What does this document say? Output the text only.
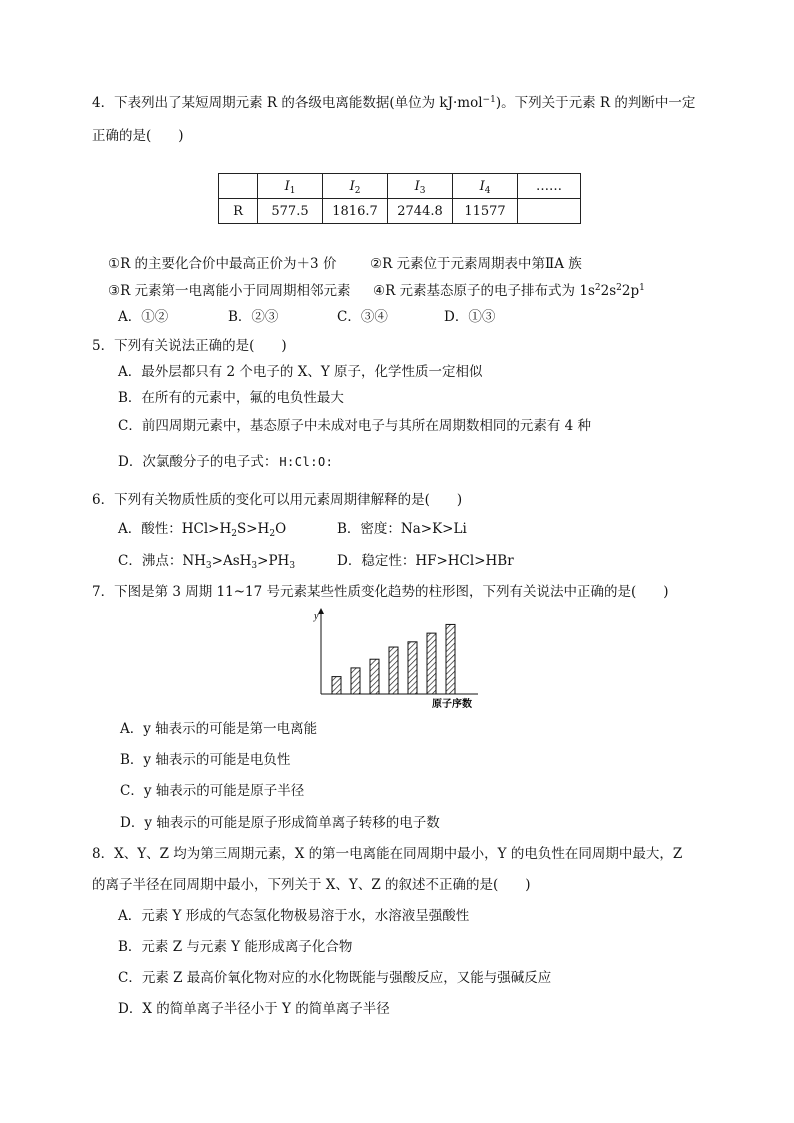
4．下表列出了某短周期元素 R 的各级电离能数据(单位为 kJ·mol$^{-1}$)。下列关于元素 R 的判断中一定
正确的是(　　)
	$I_1$	$I_2$	$I_3$	$I_4$	……
R	577.5	1816.7	2744.8	11577	
①R 的主要化合价中最高正价为＋3 价 ②R 元素位于元素周期表中第ⅡA 族
③R 元素第一电离能小于同周期相邻元素 ④R 元素基态原子的电子排布式为 $1s^22s^22p^1$
A．①②	B．②③	C．③④	D．①③
5．下列有关说法正确的是(　　)
A．最外层都只有 2 个电子的 X、Y 原子，化学性质一定相似
B．在所有的元素中，氟的电负性最大
C．前四周期元素中，基态原子中未成对电子与其所在周期数相同的元素有 4 种
D．次氯酸分子的电子式： H:Cl:O:
6．下列有关物质性质的变化可以用元素周期律解释的是(　　)
A．酸性：$HCl>H_2S>H_2O$	B．密度：Na>K>Li
C．沸点：$NH_3>AsH_3>PH_3$	D．稳定性：HF>HCl>HBr
7．下图是第 3 周期 11~17 号元素某些性质变化趋势的柱形图，下列有关说法中正确的是(　　)
y
原子序数
A．y 轴表示的可能是第一电离能
B．y 轴表示的可能是电负性
C．y 轴表示的可能是原子半径
D．y 轴表示的可能是原子形成简单离子转移的电子数
8．X、Y、Z 均为第三周期元素，X 的第一电离能在同周期中最小，Y 的电负性在同周期中最大，Z
的离子半径在同周期中最小，下列关于 X、Y、Z 的叙述不正确的是(　　)
A．元素 Y 形成的气态氢化物极易溶于水，水溶液呈强酸性
B．元素 Z 与元素 Y 能形成离子化合物
C．元素 Z 最高价氧化物对应的水化物既能与强酸反应，又能与强碱反应
D．X 的简单离子半径小于 Y 的简单离子半径
